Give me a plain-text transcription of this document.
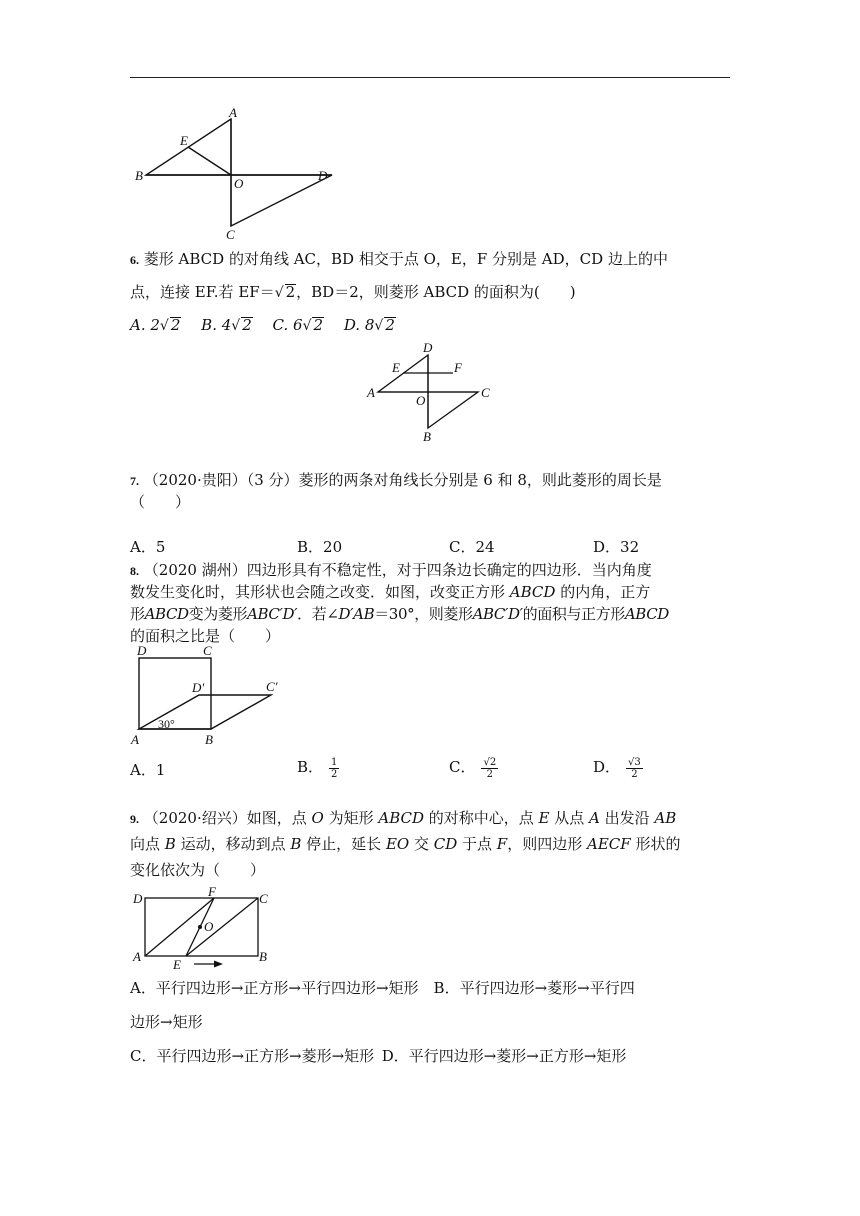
A
E
B
O
D
C
6. 菱形 ABCD 的对角线 AC，BD 相交于点 O，E，F 分别是 AD，CD 边上的中
点，连接 EF.若 EF＝√ 2，BD＝2，则菱形 ABCD 的面积为(   )
A. 2√ 2  B. 4√ 2  C. 6√ 2  D. 8√ 2
D
E	F
A
O
C
B
7. （2020·贵阳）（3 分）菱形的两条对角线长分别是 6 和 8，则此菱形的周长是
（　　）
A．5	B．20	C．24	D．32
8. （2020 湖州）四边形具有不稳定性，对于四条边长确定的四边形．当内角度
数发生变化时，其形状也会随之改变．如图，改变正方形 ABCD 的内角，正方
形ABCD变为菱形ABC′D′．若∠D′AB＝30°，则菱形ABC′D′的面积与正方形ABCD
的面积之比是（　　）
D	C
D′	C′
A	B
30°
A．1	B． $\frac{1}{2}$	C． $\frac{√2}{2}$	D． $\frac{√3}{2}$
9. （2020·绍兴）如图，点 O 为矩形 ABCD 的对称中心，点 E 从点 A 出发沿 AB
向点 B 运动，移动到点 B 停止，延长 EO 交 CD 于点 F，则四边形 AECF 形状的
变化依次为（　　）
D	F	C
O
A	B
E
A．平行四边形→正方形→平行四边形→矩形  B．平行四边形→菱形→平行四
边形→矩形
C．平行四边形→正方形→菱形→矩形  D．平行四边形→菱形→正方形→矩形
